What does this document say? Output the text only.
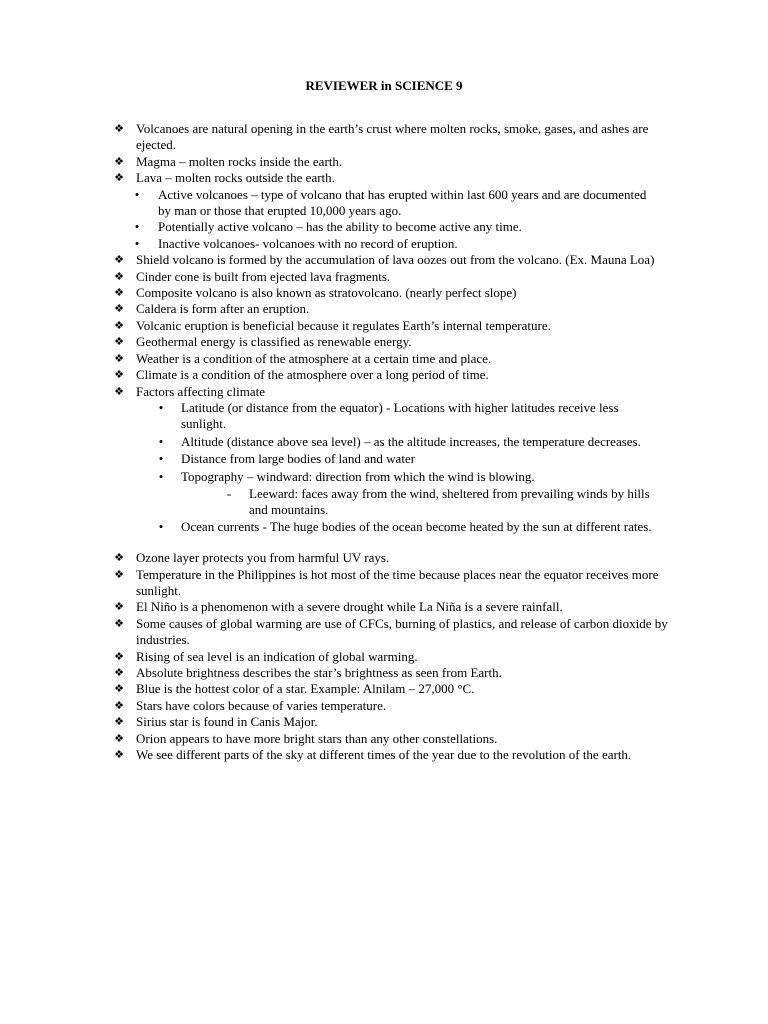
REVIEWER in SCIENCE 9
❖ Volcanoes are natural opening in the earth’s crust where molten rocks, smoke, gases, and ashes are ejected.
❖ Magma – molten rocks inside the earth.
❖ Lava – molten rocks outside the earth.
• Active volcanoes – type of volcano that has erupted within last 600 years and are documented by man or those that erupted 10,000 years ago.
• Potentially active volcano – has the ability to become active any time.
• Inactive volcanoes- volcanoes with no record of eruption.
❖ Shield volcano is formed by the accumulation of lava oozes out from the volcano. (Ex. Mauna Loa)
❖ Cinder cone is built from ejected lava fragments.
❖ Composite volcano is also known as stratovolcano. (nearly perfect slope)
❖ Caldera is form after an eruption.
❖ Volcanic eruption is beneficial because it regulates Earth’s internal temperature.
❖ Geothermal energy is classified as renewable energy.
❖ Weather is a condition of the atmosphere at a certain time and place.
❖ Climate is a condition of the atmosphere over a long period of time.
❖ Factors affecting climate
• Latitude (or distance from the equator) - Locations with higher latitudes receive less sunlight.
• Altitude (distance above sea level) – as the altitude increases, the temperature decreases.
• Distance from large bodies of land and water
• Topography – windward: direction from which the wind is blowing.
- Leeward: faces away from the wind, sheltered from prevailing winds by hills and mountains.
• Ocean currents - The huge bodies of the ocean become heated by the sun at different rates.
❖ Ozone layer protects you from harmful UV rays.
❖ Temperature in the Philippines is hot most of the time because places near the equator receives more sunlight.
❖ El Niño is a phenomenon with a severe drought while La Niña is a severe rainfall.
❖ Some causes of global warming are use of CFCs, burning of plastics, and release of carbon dioxide by industries.
❖ Rising of sea level is an indication of global warming.
❖ Absolute brightness describes the star’s brightness as seen from Earth.
❖ Blue is the hottest color of a star. Example: Alnilam – 27,000 °C.
❖ Stars have colors because of varies temperature.
❖ Sirius star is found in Canis Major.
❖ Orion appears to have more bright stars than any other constellations.
❖ We see different parts of the sky at different times of the year due to the revolution of the earth.
